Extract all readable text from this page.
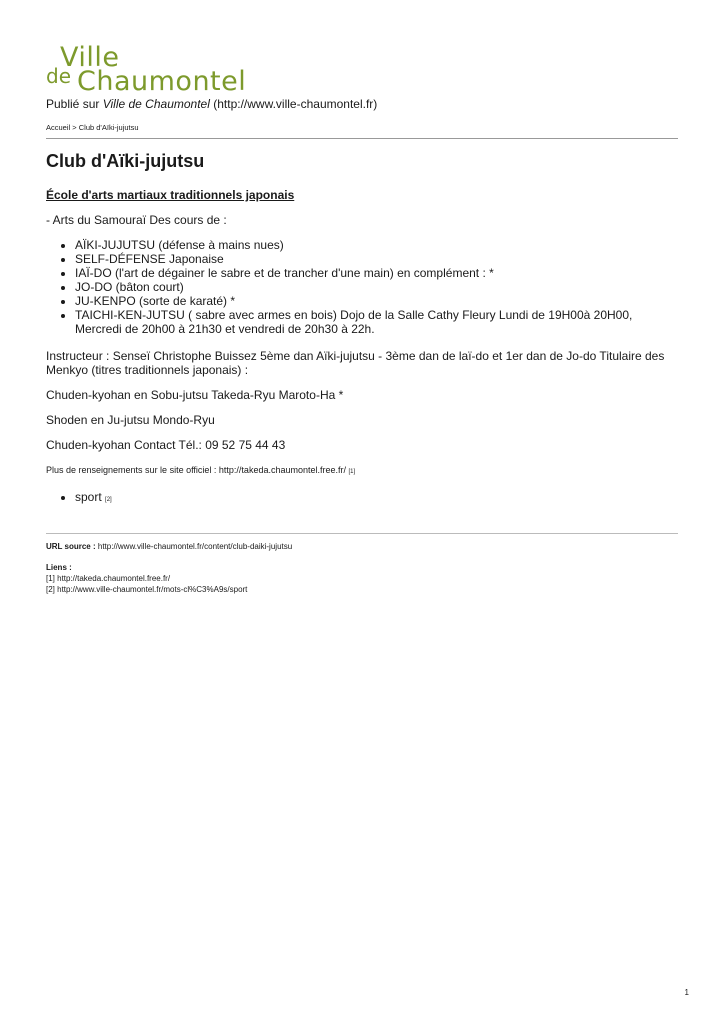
Ville
de Chaumontel
Publié sur Ville de Chaumontel (http://www.ville-chaumontel.fr)
Accueil > Club d'Aïki-jujutsu
Club d'Aïki-jujutsu

École d'arts martiaux traditionnels japonais

- Arts du Samouraï Des cours de :

• AÏKI-JUJUTSU (défense à mains nues)
• SELF-DÉFENSE Japonaise
• IAÏ-DO (l'art de dégainer le sabre et de trancher d'une main) en complément : *
• JO-DO (bâton court)
• JU-KENPO (sorte de karaté) *
• TAICHI-KEN-JUTSU ( sabre avec armes en bois) Dojo de la Salle Cathy Fleury Lundi de 19H00à 20H00, Mercredi de 20h00 à 21h30 et vendredi de 20h30 à 22h.

Instructeur : Senseï Christophe Buissez 5ème dan Aïki-jujutsu - 3ème dan de laï-do et 1er dan de Jo-do Titulaire des Menkyo (titres traditionnels japonais) :

Chuden-kyohan en Sobu-jutsu Takeda-Ryu Maroto-Ha *

Shoden en Ju-jutsu Mondo-Ryu

Chuden-kyohan Contact Tél.: 09 52 75 44 43

Plus de renseignements sur le site officiel : http://takeda.chaumontel.free.fr/ [1]

• sport [2]
URL source : http://www.ville-chaumontel.fr/content/club-daiki-jujutsu
Liens :
[1] http://takeda.chaumontel.free.fr/
[2] http://www.ville-chaumontel.fr/mots-cl%C3%A9s/sport
1
